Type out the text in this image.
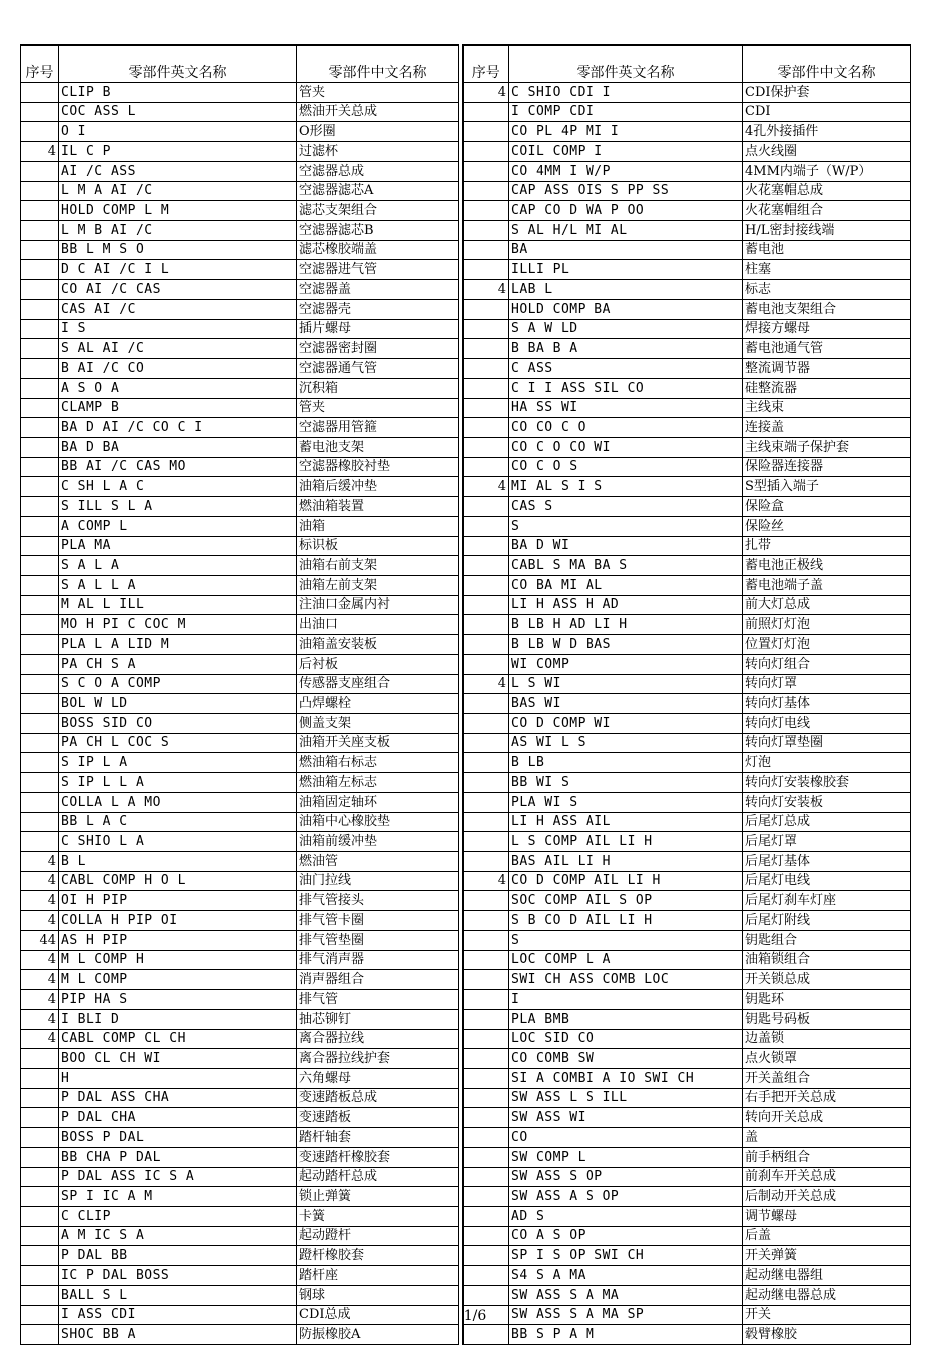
序号	零部件英文名称	零部件中文名称		序号	零部件英文名称	零部件中文名称
	CLIP B	管夹		4	C SHIO CDI I	CDI保护套
	COC ASS L	燃油开关总成			I COMP CDI	CDI
	O I	O形圈			CO PL 4P MI I	4孔外接插件
4	IL C P	过滤杯			COIL COMP I	点火线圈
	AI /C ASS	空滤器总成			CO 4MM I W/P	4MM内端子（W/P）
	L M A AI /C	空滤器滤芯A			CAP ASS OIS S PP SS	火花塞帽总成
	HOLD COMP L M	滤芯支架组合			CAP CO D WA P OO	火花塞帽组合
	L M B AI /C	空滤器滤芯B			S AL H/L MI AL	H/L密封接线端
	BB L M S O	滤芯橡胶端盖			BA	蓄电池
	D C AI /C I L	空滤器进气管			ILLI PL	柱塞
	CO AI /C CAS	空滤器盖		4	LAB L	标志
	CAS AI /C	空滤器壳			HOLD COMP BA	蓄电池支架组合
	I S	插片螺母			S A W LD	焊接方螺母
	S AL AI /C	空滤器密封圈			B BA B A	蓄电池通气管
	B AI /C CO	空滤器通气管			C ASS	整流调节器
	A S O A	沉积箱			C I I ASS SIL CO	硅整流器
	CLAMP B	管夹			HA SS WI	主线束
	BA D AI /C CO C I	空滤器用管箍			CO CO C O	连接盖
	BA D BA	蓄电池支架			CO C O CO WI	主线束端子保护套
	BB AI /C CAS MO	空滤器橡胶衬垫			CO C O S	保险器连接器
	C SH L A C	油箱后缓冲垫		4	MI AL S I S	S型插入端子
	S ILL S L A	燃油箱装置			CAS S	保险盒
	A COMP L	油箱			S	保险丝
	PLA MA	标识板			BA D WI	扎带
	S A L A	油箱右前支架			CABL S MA BA S	蓄电池正极线
	S A L L A	油箱左前支架			CO BA MI AL	蓄电池端子盖
	M AL L ILL	注油口金属内衬			LI H ASS H AD	前大灯总成
	MO H PI C COC M	出油口			B LB H AD LI H	前照灯灯泡
	PLA L A LID M	油箱盖安装板			B LB W D BAS	位置灯灯泡
	PA CH S A	后衬板			WI COMP	转向灯组合
	S C O A COMP	传感器支座组合		4	L S WI	转向灯罩
	BOL W LD	凸焊螺栓			BAS WI	转向灯基体
	BOSS SID CO	侧盖支架			CO D COMP WI	转向灯电线
	PA CH L COC S	油箱开关座支板			AS WI L S	转向灯罩垫圈
	S IP L A	燃油箱右标志			B LB	灯泡
	S IP L L A	燃油箱左标志			BB WI S	转向灯安装橡胶套
	COLLA L A MO	油箱固定轴环			PLA WI S	转向灯安装板
	BB L A C	油箱中心橡胶垫			LI H ASS AIL	后尾灯总成
	C SHIO L A	油箱前缓冲垫			L S COMP AIL LI H	后尾灯罩
4	B L	燃油管			BAS AIL LI H	后尾灯基体
4	CABL COMP H O L	油门拉线		4	CO D COMP AIL LI H	后尾灯电线
4	OI H PIP	排气管接头			SOC COMP AIL S OP	后尾灯刹车灯座
4	COLLA H PIP OI	排气管卡圈			S B CO D AIL LI H	后尾灯附线
44	AS H PIP	排气管垫圈			S	钥匙组合
4	M L COMP H	排气消声器			LOC COMP L A	油箱锁组合
4	M L COMP	消声器组合			SWI CH ASS COMB LOC	开关锁总成
4	PIP HA S	排气管			I	钥匙环
4	I BLI D	抽芯铆钉			PLA BMB	钥匙号码板
4	CABL COMP CL CH	离合器拉线			LOC SID CO	边盖锁
	BOO CL CH WI	离合器拉线护套			CO COMB SW	点火锁罩
	H	六角螺母			SI A COMBI A IO SWI CH	开关盖组合
	P DAL ASS CHA	变速踏板总成			SW ASS L S ILL	右手把开关总成
	P DAL CHA	变速踏板			SW ASS WI	转向开关总成
	BOSS P DAL	踏杆轴套			CO	盖
	BB CHA P DAL	变速踏杆橡胶套			SW COMP L	前手柄组合
	P DAL ASS IC S A	起动踏杆总成			SW ASS S OP	前刹车开关总成
	SP I IC A M	锁止弹簧			SW ASS A S OP	后制动开关总成
	C CLIP	卡簧			AD S	调节螺母
	A M IC S A	起动蹬杆			CO A S OP	后盖
	P DAL BB	蹬杆橡胶套			SP I S OP SWI CH	开关弹簧
	IC P DAL BOSS	踏杆座			S4 S A MA	起动继电器组
	BALL S L	钢球			SW ASS S A MA	起动继电器总成
	I ASS CDI	CDI总成			SW ASS S A MA SP	开关
	SHOC BB A	防振橡胶A			BB S P A M	毂臂橡胶
1/6
